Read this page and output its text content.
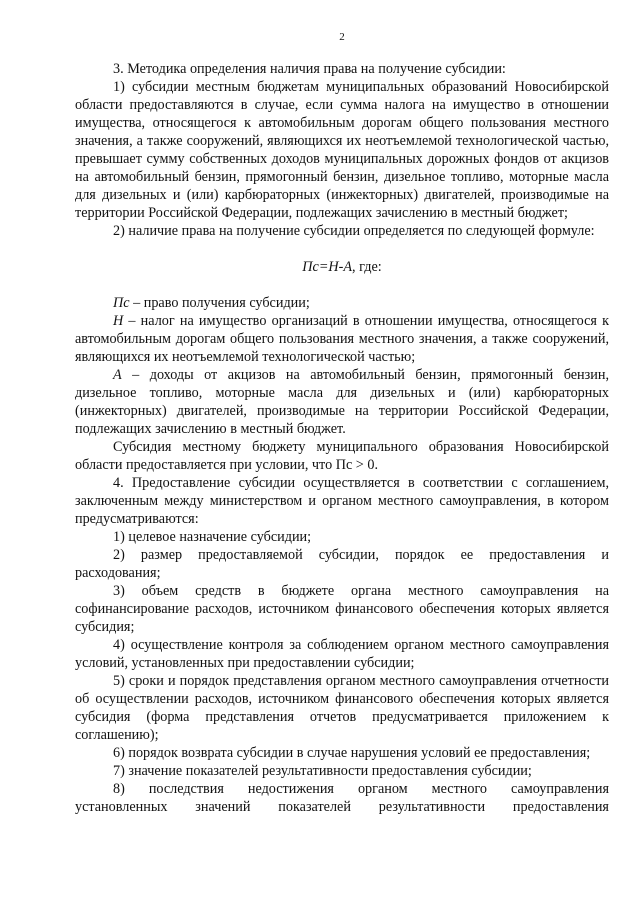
2

3. Методика определения наличия права на получение субсидии:

1) субсидии местным бюджетам муниципальных образований Новосибирской области предоставляются в случае, если сумма налога на имущество в отношении имущества, относящегося к автомобильным дорогам общего пользования местного значения, а также сооружений, являющихся их неотъемлемой технологической частью, превышает сумму собственных доходов муниципальных дорожных фондов от акцизов на автомобильный бензин, прямогонный бензин, дизельное топливо, моторные масла для дизельных и (или) карбюраторных (инжекторных) двигателей, производимые на территории Российской Федерации, подлежащих зачислению в местный бюджет;

2) наличие права на получение субсидии определяется по следующей формуле:

Пс=Н-А, где:

Пс – право получения субсидии;

Н – налог на имуществo организаций в отношении имущества, относящегося к автомобильным дорогам общего пользования местного значения, а также сооружений, являющихся их неотъемлемой технологической частью;

А – доходы от акцизов на автомобильный бензин, прямогонный бензин, дизельное топливо, моторные масла для дизельных и (или) карбюраторных (инжекторных) двигателей, производимые на территории Российской Федерации, подлежащих зачислению в местный бюджет.

Субсидия местному бюджету муниципального образования Новосибирской области предоставляется при условии, что Пс > 0.

4. Предоставление субсидии осуществляется в соответствии с соглашением, заключенным между министерством и органом местного самоуправления, в котором предусматриваются:

1) целевое назначение субсидии;

2) размер предоставляемой субсидии, порядок ее предоставления и расходования;

3) объем средств в бюджете органа местного самоуправления на софинансирование расходов, источником финансового обеспечения которых является субсидия;

4) осуществление контроля за соблюдением органом местного самоуправления условий, установленных при предоставлении субсидии;

5) сроки и порядок представления органом местного самоуправления отчетности об осуществлении расходов, источником финансового обеспечения которых является субсидия (форма представления отчетов предусматривается приложением к соглашению);

6) порядок возврата субсидии в случае нарушения условий ее предоставления;

7) значение показателей результативности предоставления субсидии;

8) последствия недостижения органом местного самоуправления

установленных значений показателей результативности предоставления
